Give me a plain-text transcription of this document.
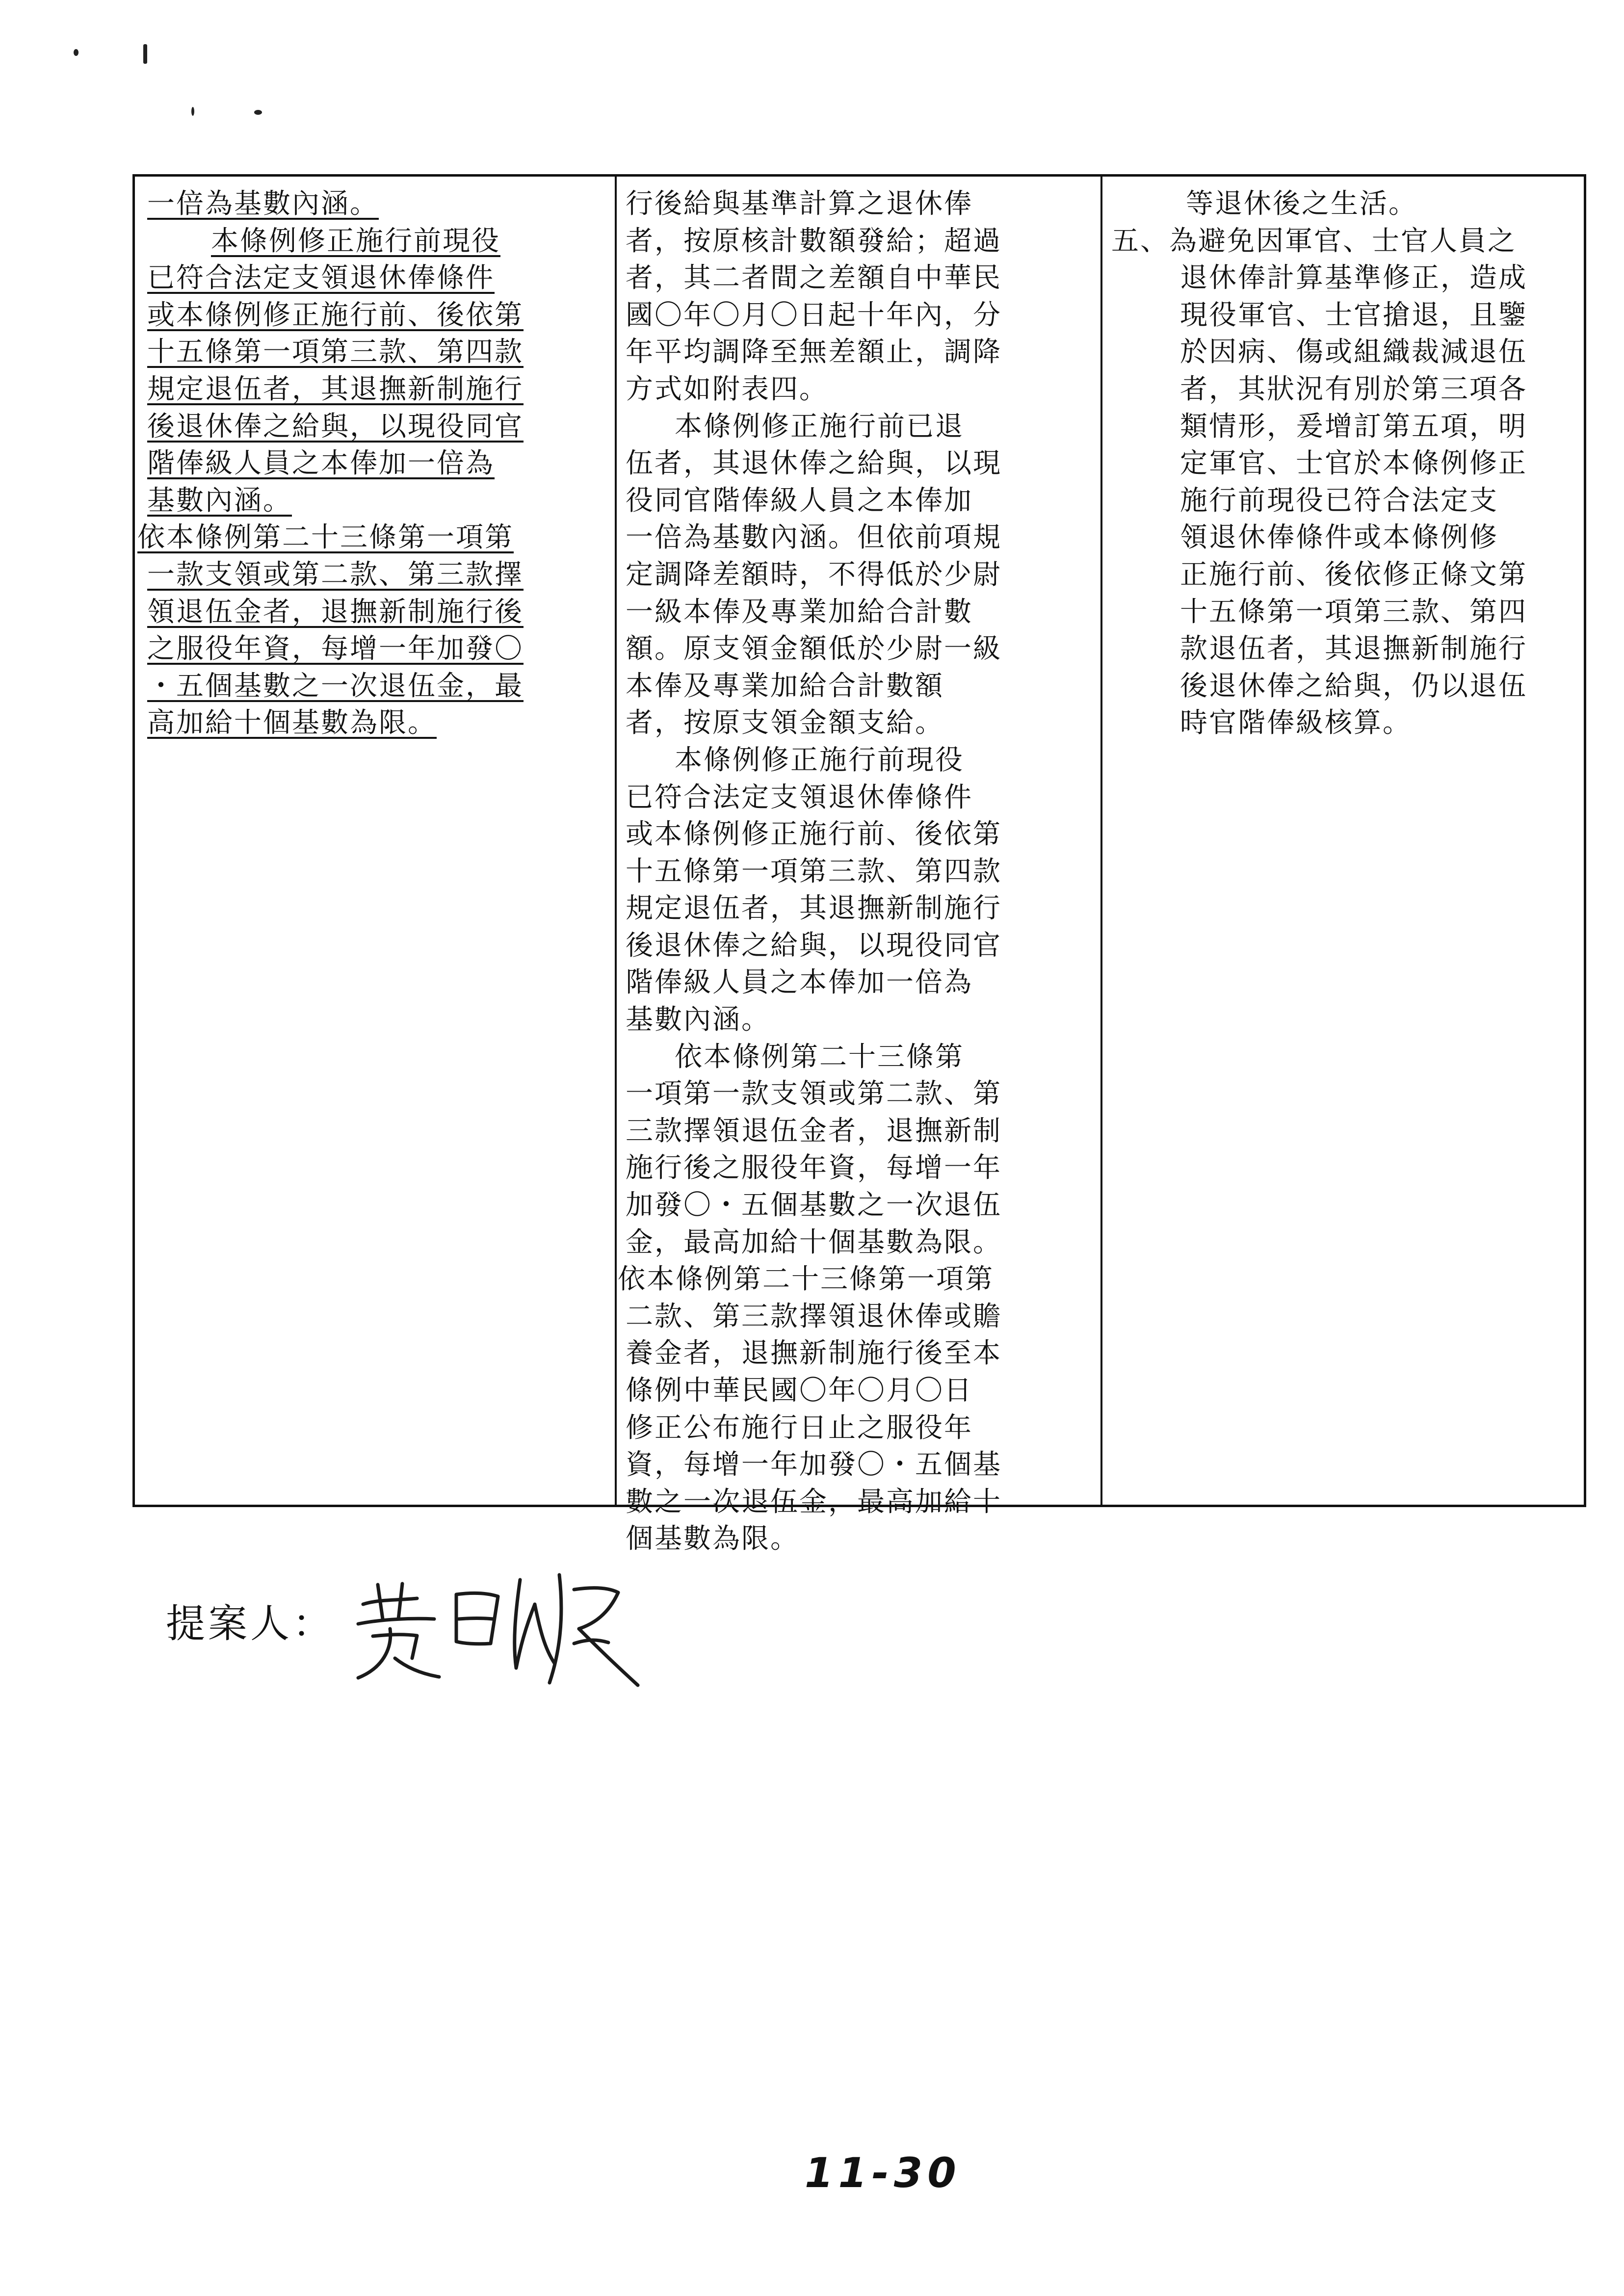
一倍為基數內涵。
本條例修正施行前現役
已符合法定支領退休俸條件
或本條例修正施行前、後依第
十五條第一項第三款、第四款
規定退伍者，其退撫新制施行
後退休俸之給與，以現役同官
階俸級人員之本俸加一倍為
基數內涵。
依本條例第二十三條第一項第
一款支領或第二款、第三款擇
領退伍金者，退撫新制施行後
之服役年資，每增一年加發〇
・五個基數之一次退伍金，最
高加給十個基數為限。
行後給與基準計算之退休俸
者，按原核計數額發給；超過
者，其二者間之差額自中華民
國〇年〇月〇日起十年內，分
年平均調降至無差額止，調降
方式如附表四。
本條例修正施行前已退
伍者，其退休俸之給與，以現
役同官階俸級人員之本俸加
一倍為基數內涵。但依前項規
定調降差額時，不得低於少尉
一級本俸及專業加給合計數
額。原支領金額低於少尉一級
本俸及專業加給合計數額
者，按原支領金額支給。
本條例修正施行前現役
已符合法定支領退休俸條件
或本條例修正施行前、後依第
十五條第一項第三款、第四款
規定退伍者，其退撫新制施行
後退休俸之給與，以現役同官
階俸級人員之本俸加一倍為
基數內涵。
依本條例第二十三條第
一項第一款支領或第二款、第
三款擇領退伍金者，退撫新制
施行後之服役年資，每增一年
加發〇・五個基數之一次退伍
金，最高加給十個基數為限。
依本條例第二十三條第一項第
二款、第三款擇領退休俸或贍
養金者，退撫新制施行後至本
條例中華民國〇年〇月〇日
修正公布施行日止之服役年
資，每增一年加發〇・五個基
數之一次退伍金，最高加給十
個基數為限。
等退休後之生活。
五、為避免因軍官、士官人員之
退休俸計算基準修正，造成
現役軍官、士官搶退，且鑒
於因病、傷或組織裁減退伍
者，其狀況有別於第三項各
類情形，爰增訂第五項，明
定軍官、士官於本條例修正
施行前現役已符合法定支
領退休俸條件或本條例修
正施行前、後依修正條文第
十五條第一項第三款、第四
款退伍者，其退撫新制施行
後退休俸之給與，仍以退伍
時官階俸級核算。
提案人：
11-30
